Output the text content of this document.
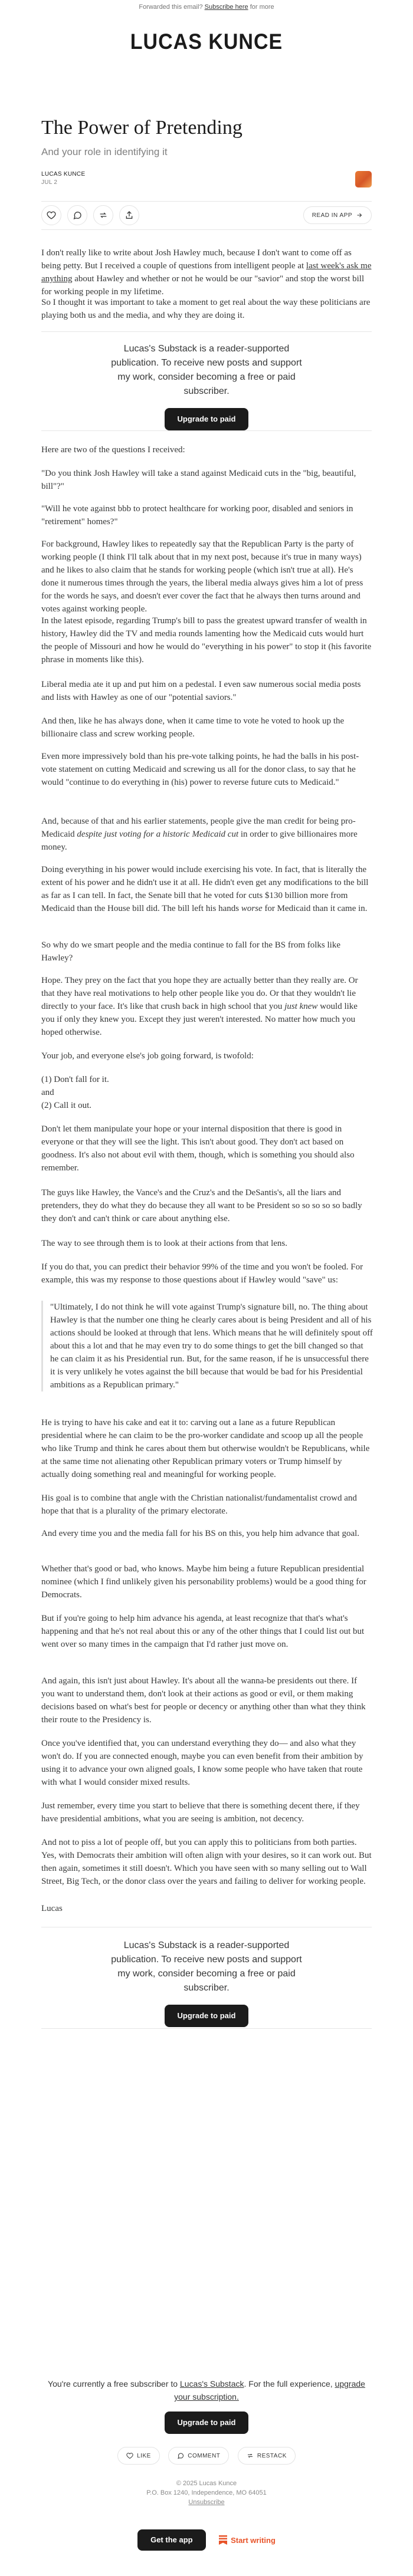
Forwarded this email? Subscribe here for more
LUCAS KUNCE
The Power of Pretending
And your role in identifying it
LUCAS KUNCE
JUL 2
READ IN APP

I don't really like to write about Josh Hawley much, because I don't want to come off as being petty. But I received a couple of questions from intelligent people at last week's ask me anything about Hawley and whether or not he would be our "savior" and stop the worst bill for working people in my lifetime.

So I thought it was important to take a moment to get real about the way these politicians are playing both us and the media, and why they are doing it.

Lucas's Substack is a reader-supported publication. To receive new posts and support my work, consider becoming a free or paid subscriber.
Upgrade to paid

Here are two of the questions I received:

"Do you think Josh Hawley will take a stand against Medicaid cuts in the "big, beautiful, bill"?"

"Will he vote against bbb to protect healthcare for working poor, disabled and seniors in "retirement" homes?"

For background, Hawley likes to repeatedly say that the Republican Party is the party of working people (I think I'll talk about that in my next post, because it's true in many ways) and he likes to also claim that he stands for working people (which isn't true at all). He's done it numerous times through the years, the liberal media always gives him a lot of press for the words he says, and doesn't ever cover the fact that he always then turns around and votes against working people.

In the latest episode, regarding Trump's bill to pass the greatest upward transfer of wealth in history, Hawley did the TV and media rounds lamenting how the Medicaid cuts would hurt the people of Missouri and how he would do "everything in his power" to stop it (his favorite phrase in moments like this).

Liberal media ate it up and put him on a pedestal. I even saw numerous social media posts and lists with Hawley as one of our "potential saviors."

And then, like he has always done, when it came time to vote he voted to hook up the billionaire class and screw working people.

Even more impressively bold than his pre-vote talking points, he had the balls in his post-vote statement on cutting Medicaid and screwing us all for the donor class, to say that he would "continue to do everything in (his) power to reverse future cuts to Medicaid."

And, because of that and his earlier statements, people give the man credit for being pro-Medicaid despite just voting for a historic Medicaid cut in order to give billionaires more money.

Doing everything in his power would include exercising his vote. In fact, that is literally the extent of his power and he didn't use it at all. He didn't even get any modifications to the bill as far as I can tell. In fact, the Senate bill that he voted for cuts $130 billion more from Medicaid than the House bill did. The bill left his hands worse for Medicaid than it came in.

So why do we smart people and the media continue to fall for the BS from folks like Hawley?

Hope. They prey on the fact that you hope they are actually better than they really are. Or that they have real motivations to help other people like you do. Or that they wouldn't lie directly to your face. It's like that crush back in high school that you just knew would like you if only they knew you. Except they just weren't interested. No matter how much you hoped otherwise.

Your job, and everyone else's job going forward, is twofold:

(1) Don't fall for it.

and

(2) Call it out.

Don't let them manipulate your hope or your internal disposition that there is good in everyone or that they will see the light. This isn't about good. They don't act based on goodness. It's also not about evil with them, though, which is something you should also remember.

The guys like Hawley, the Vance's and the Cruz's and the DeSantis's, all the liars and pretenders, they do what they do because they all want to be President so so so so so badly they don't and can't think or care about anything else.

The way to see through them is to look at their actions from that lens.

If you do that, you can predict their behavior 99% of the time and you won't be fooled. For example, this was my response to those questions about if Hawley would "save" us:

"Ultimately, I do not think he will vote against Trump's signature bill, no. The thing about Hawley is that the number one thing he clearly cares about is being President and all of his actions should be looked at through that lens. Which means that he will definitely spout off about this a lot and that he may even try to do some things to get the bill changed so that he can claim it as his Presidential run. But, for the same reason, if he is unsuccessful there it is very unlikely he votes against the bill because that would be bad for his Presidential ambitions as a Republican primary."

He is trying to have his cake and eat it to: carving out a lane as a future Republican presidential where he can claim to be the pro-worker candidate and scoop up all the people who like Trump and think he cares about them but otherwise wouldn't be Republicans, while at the same time not alienating other Republican primary voters or Trump himself by actually doing something real and meaningful for working people.

His goal is to combine that angle with the Christian nationalist/fundamentalist crowd and hope that that is a plurality of the primary electorate.

And every time you and the media fall for his BS on this, you help him advance that goal.

Whether that's good or bad, who knows. Maybe him being a future Republican presidential nominee (which I find unlikely given his personability problems) would be a good thing for Democrats.

But if you're going to help him advance his agenda, at least recognize that that's what's happening and that he's not real about this or any of the other things that I could list out but went over so many times in the campaign that I'd rather just move on.

And again, this isn't just about Hawley. It's about all the wanna-be presidents out there. If you want to understand them, don't look at their actions as good or evil, or them making decisions based on what's best for people or decency or anything other than what they think their route to the Presidency is.

Once you've identified that, you can understand everything they do— and also what they won't do. If you are connected enough, maybe you can even benefit from their ambition by using it to advance your own aligned goals, I know some people who have taken that route with what I would consider mixed results.

Just remember, every time you start to believe that there is something decent there, if they have presidential ambitions, what you are seeing is ambition, not decency.

And not to piss a lot of people off, but you can apply this to politicians from both parties. Yes, with Democrats their ambition will often align with your desires, so it can work out. But then again, sometimes it still doesn't. Which you have seen with so many selling out to Wall Street, Big Tech, or the donor class over the years and failing to deliver for working people.

Lucas

Lucas's Substack is a reader-supported publication. To receive new posts and support my work, consider becoming a free or paid subscriber.
Upgrade to paid
You're currently a free subscriber to Lucas's Substack. For the full experience, upgrade your subscription.
Upgrade to paid
LIKE
	COMMENT
	RESTACK
© 2025 Lucas Kunce
P.O. Box 1240, Independence, MO 64051
Unsubscribe
Get the app	Start writing
